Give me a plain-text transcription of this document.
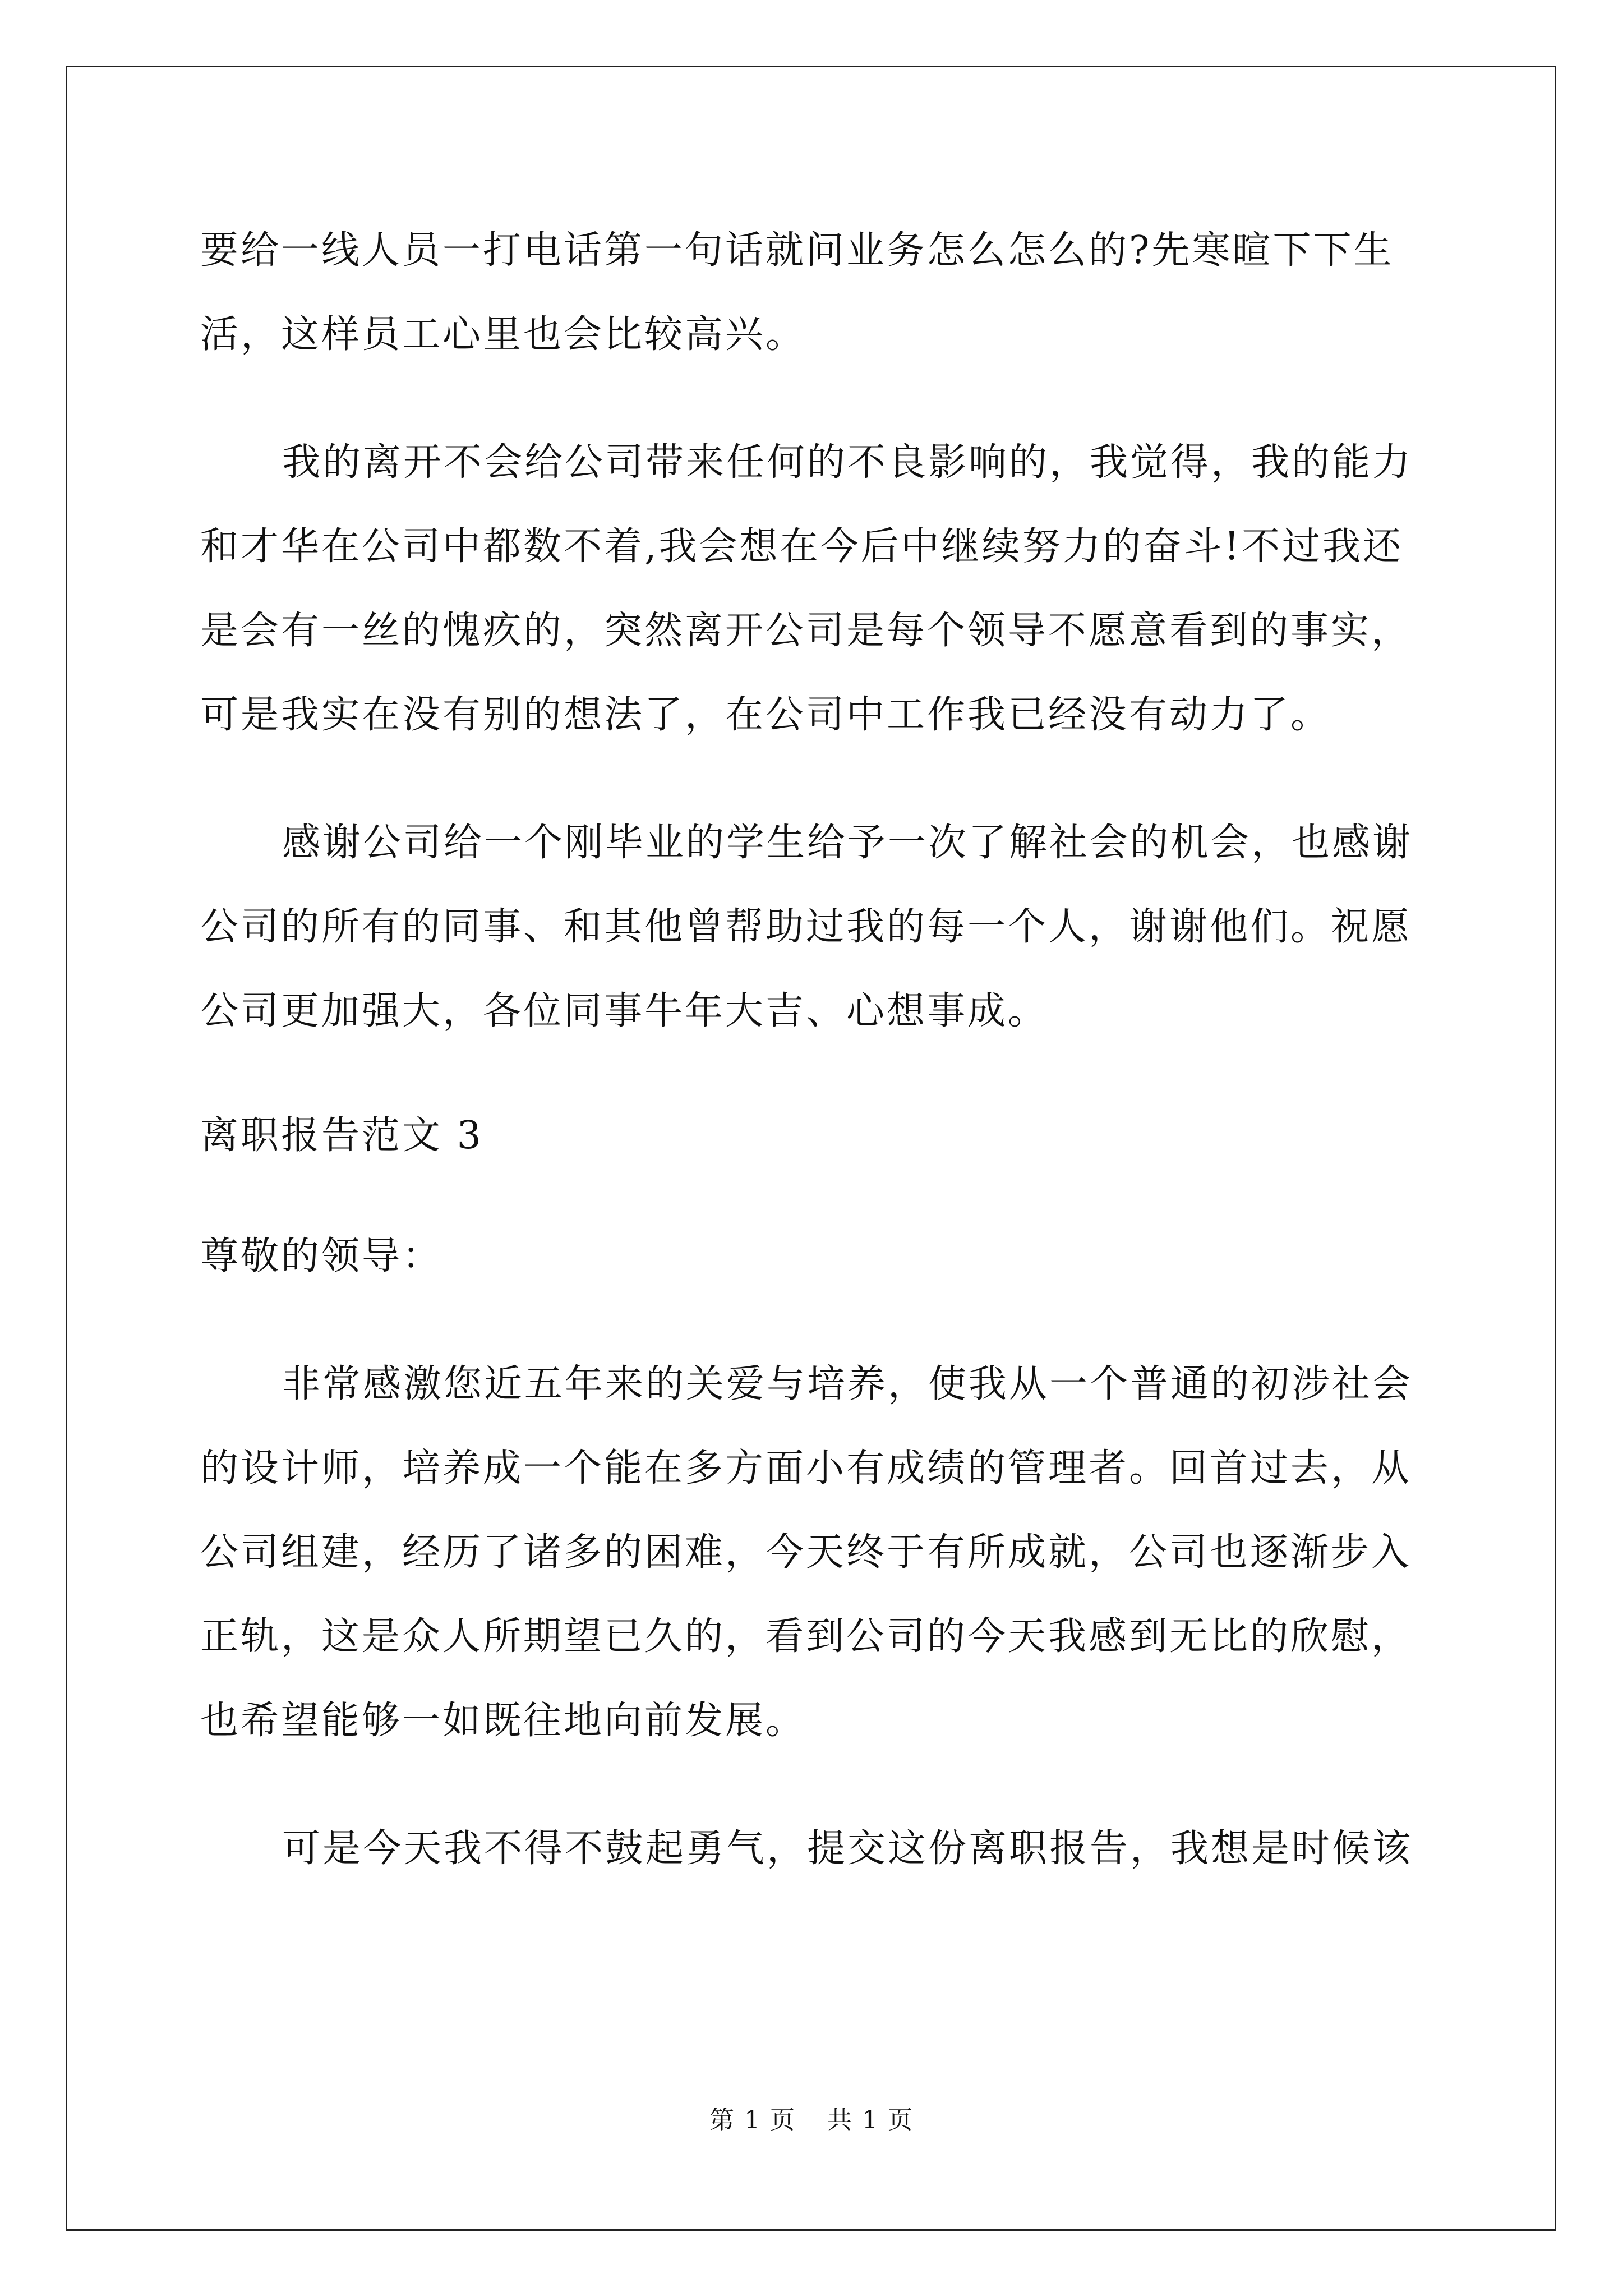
要给一线人员一打电话第一句话就问业务怎么怎么的?先寒暄下下生
活，这样员工心里也会比较高兴。
我的离开不会给公司带来任何的不良影响的，我觉得，我的能力
和才华在公司中都数不着,我会想在今后中继续努力的奋斗!不过我还
是会有一丝的愧疚的，突然离开公司是每个领导不愿意看到的事实，
可是我实在没有别的想法了，在公司中工作我已经没有动力了。
感谢公司给一个刚毕业的学生给予一次了解社会的机会，也感谢
公司的所有的同事、和其他曾帮助过我的每一个人，谢谢他们。祝愿
公司更加强大，各位同事牛年大吉、心想事成。
离职报告范文 3
尊敬的领导：
非常感激您近五年来的关爱与培养，使我从一个普通的初涉社会
的设计师，培养成一个能在多方面小有成绩的管理者。回首过去，从
公司组建，经历了诸多的困难，今天终于有所成就，公司也逐渐步入
正轨，这是众人所期望已久的，看到公司的今天我感到无比的欣慰，
也希望能够一如既往地向前发展。
可是今天我不得不鼓起勇气，提交这份离职报告，我想是时候该
第 1 页 共 1 页
